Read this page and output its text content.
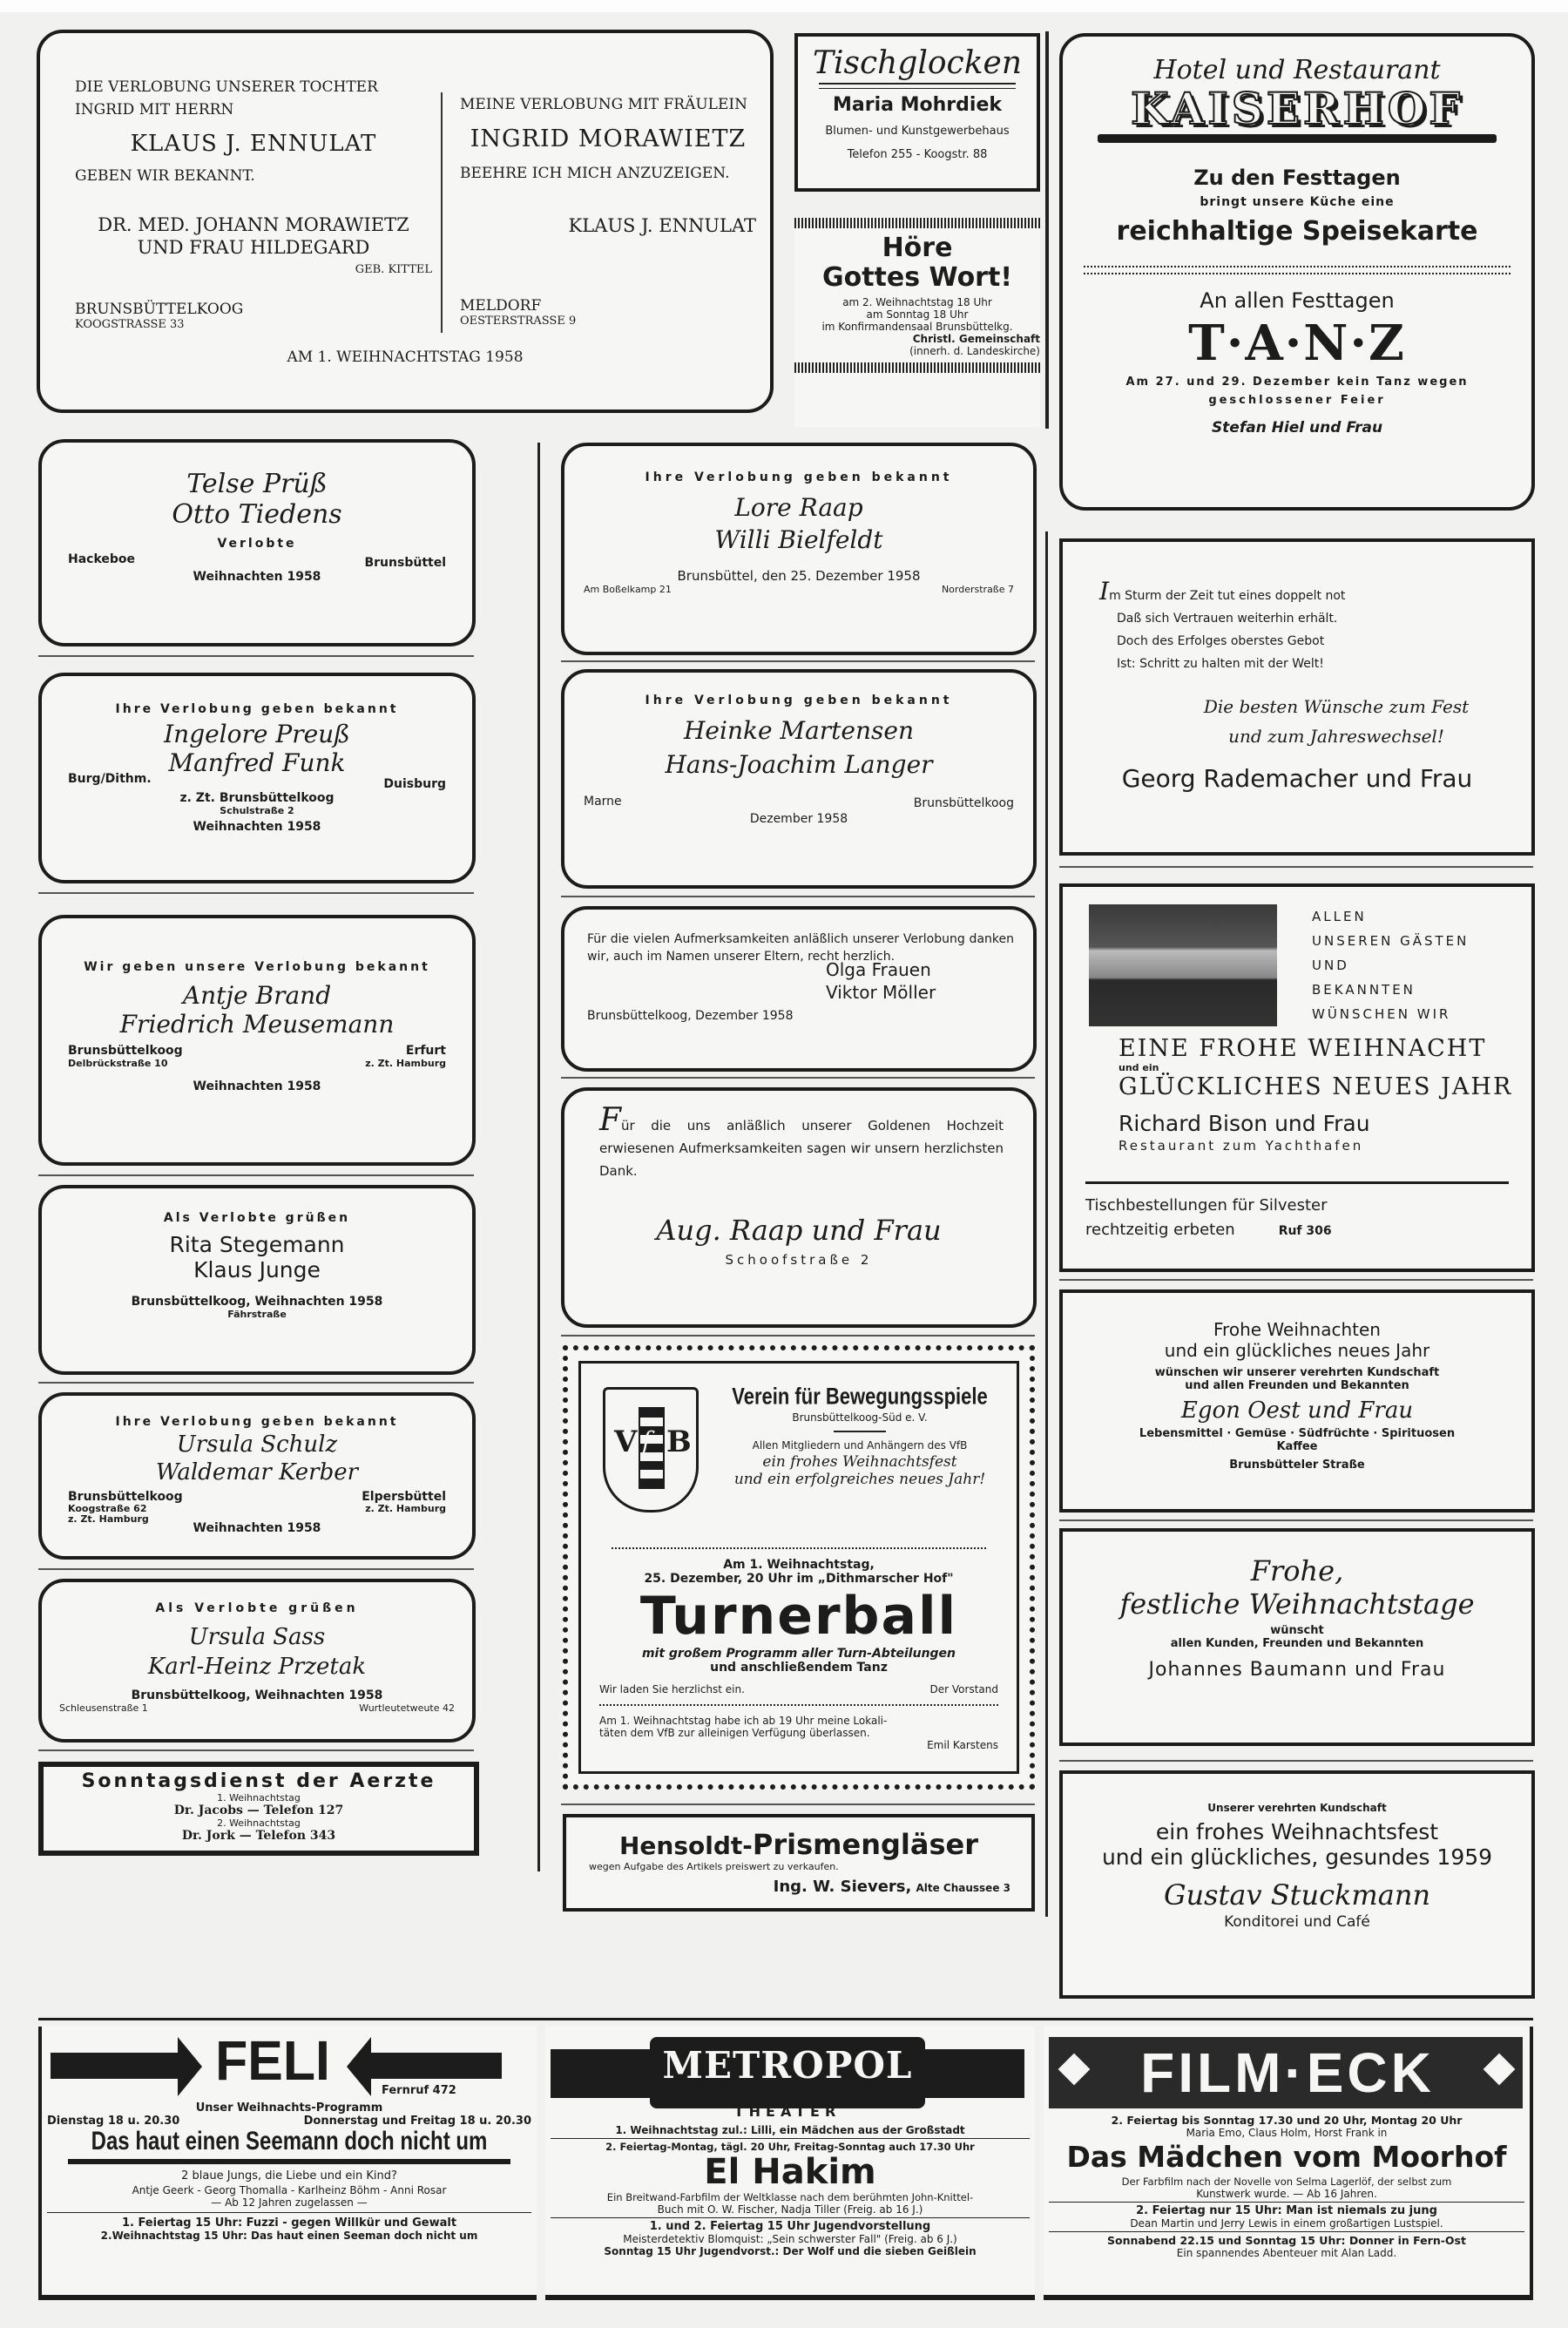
DIE VERLOBUNG UNSERER TOCHTER
INGRID MIT HERRN
KLAUS J. ENNULAT
GEBEN WIR BEKANNT.
DR. MED. JOHANN MORAWIETZ
UND FRAU HILDEGARD
GEB. KITTEL
BRUNSBÜTTELKOOG
KOOGSTRASSE 33
MEINE VERLOBUNG MIT FRÄULEIN
INGRID MORAWIETZ
BEEHRE ICH MICH ANZUZEIGEN.
KLAUS J. ENNULAT
MELDORF
OESTERSTRASSE 9
AM 1. WEIHNACHTSTAG 1958
Tischglocken
Maria Mohrdiek
Blumen- und Kunstgewerbehaus
Telefon 255 - Koogstr. 88
Höre
Gottes Wort!
am 2. Weihnachtstag 18 Uhr
am Sonntag 18 Uhr
im Konfirmandensaal Brunsbüttelkg.
Christl. Gemeinschaft
(innerh. d. Landeskirche)
Hotel und Restaurant
KAISERHOF
Zu den Festtagen
bringt unsere Küche eine
reichhaltige Speisekarte
An allen Festtagen
T·A·N·Z
Am 27. und 29. Dezember kein Tanz wegen
geschlossener Feier
Stefan Hiel und Frau
Telse Prüß
Otto Tiedens
Verlobte
Hackeboe	Brunsbüttel
Weihnachten 1958
Ihre Verlobung geben bekannt
Ingelore Preuß
Manfred Funk
Burg/Dithm.	Duisburg
z. Zt. Brunsbüttelkoog
Schulstraße 2
Weihnachten 1958
Wir geben unsere Verlobung bekannt
Antje Brand
Friedrich Meusemann
Brunsbüttelkoog
Delbrückstraße 10
Erfurt
z. Zt. Hamburg
Weihnachten 1958
Als Verlobte grüßen
Rita Stegemann
Klaus Junge
Brunsbüttelkoog, Weihnachten 1958
Fährstraße
Ihre Verlobung geben bekannt
Ursula Schulz
Waldemar Kerber
Brunsbüttelkoog
Koogstraße 62
z. Zt. Hamburg
Elpersbüttel
z. Zt. Hamburg
Weihnachten 1958
Als Verlobte grüßen
Ursula Sass
Karl-Heinz Przetak
Brunsbüttelkoog, Weihnachten 1958
Schleusenstraße 1	Wurtleutetweute 42
Sonntagsdienst der Aerzte
1. Weihnachtstag
Dr. Jacobs — Telefon 127
2. Weihnachtstag
Dr. Jork — Telefon 343
Ihre Verlobung geben bekannt
Lore Raap
Willi Bielfeldt
Brunsbüttel, den 25. Dezember 1958
Am Boßelkamp 21	Norderstraße 7
Ihre Verlobung geben bekannt
Heinke Martensen
Hans-Joachim Langer
Marne	Brunsbüttelkoog
Dezember 1958
Für die vielen Aufmerksamkeiten anläßlich unserer Verlobung danken wir, auch im Namen unserer Eltern, recht herzlich.
Olga Frauen
Viktor Möller
Brunsbüttelkoog, Dezember 1958
Für die uns anläßlich unserer Goldenen Hochzeit erwiesenen Aufmerksamkeiten sagen wir unsern herzlichsten Dank.
Aug. Raap und Frau
Schoofstraße 2
V f B
Verein für Bewegungsspiele
Brunsbüttelkoog-Süd e. V.
Allen Mitgliedern und Anhängern des VfB
ein frohes Weihnachtsfest
und ein erfolgreiches neues Jahr!
Am 1. Weihnachtstag,
25. Dezember, 20 Uhr im „Dithmarscher Hof"
Turnerball
mit großem Programm aller Turn-Abteilungen
und anschließendem Tanz
Wir laden Sie herzlichst ein.	Der Vorstand
Am 1. Weihnachtstag habe ich ab 19 Uhr meine Lokali-
täten dem VfB zur alleinigen Verfügung überlassen.
Emil Karstens
Hensoldt-Prismengläser
wegen Aufgabe des Artikels preiswert zu verkaufen.
Ing. W. Sievers, Alte Chaussee 3
Im Sturm der Zeit tut eines doppelt not
Daß sich Vertrauen weiterhin erhält.
Doch des Erfolges oberstes Gebot
Ist: Schritt zu halten mit der Welt!
Die besten Wünsche zum Fest
und zum Jahreswechsel!
Georg Rademacher und Frau
ALLEN
UNSEREN GÄSTEN
UND
BEKANNTEN
WÜNSCHEN WIR
EINE FROHE WEIHNACHT
und ein
GLÜCKLICHES NEUES JAHR
Richard Bison und Frau
Restaurant zum Yachthafen
Tischbestellungen für Silvester
rechtzeitig erbeten	Ruf 306
Frohe Weihnachten
und ein glückliches neues Jahr
wünschen wir unserer verehrten Kundschaft
und allen Freunden und Bekannten
Egon Oest und Frau
Lebensmittel · Gemüse · Südfrüchte · Spirituosen
Kaffee
Brunsbütteler Straße
Frohe,
festliche Weihnachtstage
wünscht
allen Kunden, Freunden und Bekannten
Johannes Baumann und Frau
Unserer verehrten Kundschaft
ein frohes Weihnachtsfest
und ein glückliches, gesundes 1959
Gustav Stuckmann
Konditorei und Café
FELI	Fernruf 472
Unser Weihnachts-Programm
Dienstag 18 u. 20.30	Donnerstag und Freitag 18 u. 20.30
Das haut einen Seemann doch nicht um
2 blaue Jungs, die Liebe und ein Kind?
Antje Geerk - Georg Thomalla - Karlheinz Böhm - Anni Rosar
— Ab 12 Jahren zugelassen —
1. Feiertag 15 Uhr: Fuzzi - gegen Willkür und Gewalt
2.Weihnachtstag 15 Uhr: Das haut einen Seeman doch nicht um
METROPOL
THEATER
1. Weihnachtstag zul.: Lilli, ein Mädchen aus der Großstadt
2. Feiertag-Montag, tägl. 20 Uhr, Freitag-Sonntag auch 17.30 Uhr
El Hakim
Ein Breitwand-Farbfilm der Weltklasse nach dem berühmten John-Knittel-
Buch mit O. W. Fischer, Nadja Tiller (Freig. ab 16 J.)
1. und 2. Feiertag 15 Uhr Jugendvorstellung
Meisterdetektiv Blomquist: „Sein schwerster Fall" (Freig. ab 6 J.)
Sonntag 15 Uhr Jugendvorst.: Der Wolf und die sieben Geißlein
FILM·ECK
2. Feiertag bis Sonntag 17.30 und 20 Uhr, Montag 20 Uhr
Maria Emo, Claus Holm, Horst Frank in
Das Mädchen vom Moorhof
Der Farbfilm nach der Novelle von Selma Lagerlöf, der selbst zum
Kunstwerk wurde. — Ab 16 Jahren.
2. Feiertag nur 15 Uhr: Man ist niemals zu jung
Dean Martin und Jerry Lewis in einem großartigen Lustspiel.
Sonnabend 22.15 und Sonntag 15 Uhr: Donner in Fern-Ost
Ein spannendes Abenteuer mit Alan Ladd.
